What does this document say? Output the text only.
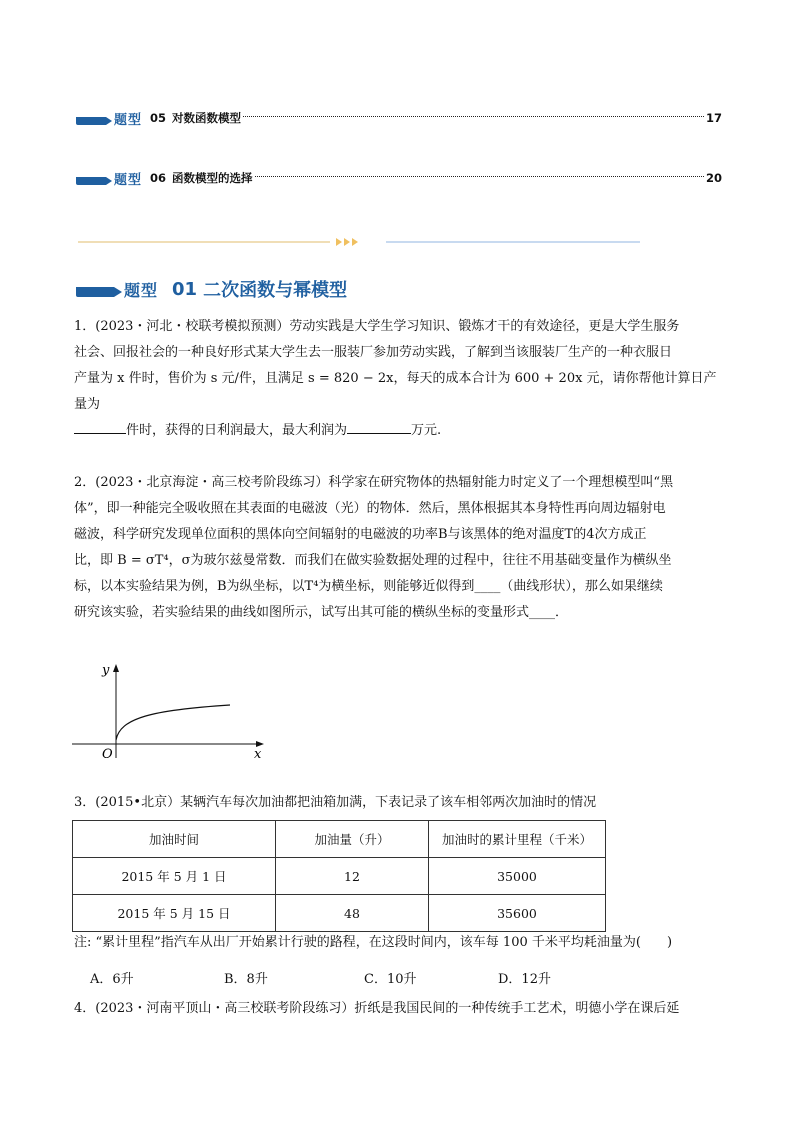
题型 05 对数函数模型	17
题型 06 函数模型的选择	20
题型 01 二次函数与幂模型
1．(2023・河北・校联考模拟预测）劳动实践是大学生学习知识、锻炼才干的有效途径，更是大学生服务
社会、回报社会的一种良好形式某大学生去一服装厂参加劳动实践，了解到当该服装厂生产的一种衣服日
产量为 x 件时，售价为 s 元/件，且满足 s = 820 − 2x，每天的成本合计为 600 + 20x 元，请你帮他计算日产
量为
件时，获得的日利润最大，最大利润为	万元.
2．(2023・北京海淀・高三校考阶段练习）科学家在研究物体的热辐射能力时定义了一个理想模型叫“黑
体”，即一种能完全吸收照在其表面的电磁波（光）的物体．然后，黑体根据其本身特性再向周边辐射电
磁波，科学研究发现单位面积的黑体向空间辐射的电磁波的功率B与该黑体的绝对温度T的4次方成正
比，即 B = σT⁴，σ为玻尔兹曼常数．而我们在做实验数据处理的过程中，往往不用基础变量作为横纵坐
标，以本实验结果为例，B为纵坐标，以T⁴为横坐标，则能够近似得到____（曲线形状），那么如果继续
研究该实验，若实验结果的曲线如图所示，试写出其可能的横纵坐标的变量形式____．
y
x
O
3．(2015•北京）某辆汽车每次加油都把油箱加满，下表记录了该车相邻两次加油时的情况
加油时间	加油量（升）	加油时的累计里程（千米）
2015 年 5 月 1 日	12	35000
2015 年 5 月 15 日	48	35600
注: “累计里程”指汽车从出厂开始累计行驶的路程，在这段时间内，该车每 100 千米平均耗油量为(　　)
A．6升	B．8升	C．10升	D．12升
4．(2023・河南平顶山・高三校联考阶段练习）折纸是我国民间的一种传统手工艺术，明德小学在课后延
